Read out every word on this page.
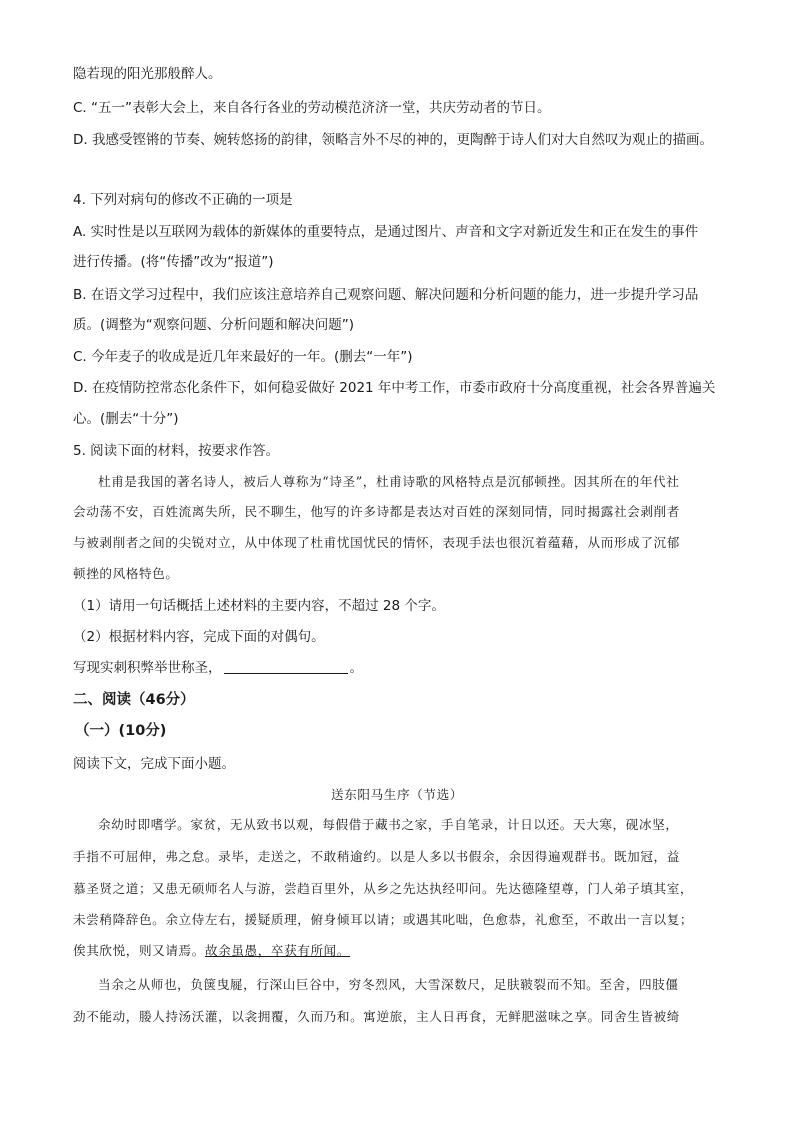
隐若现的阳光那般醉人。

C. “五一”表彰大会上，来自各行各业的劳动模范济济一堂，共庆劳动者的节日。

D. 我感受铿锵的节奏、婉转悠扬的韵律，领略言外不尽的神的，更陶醉于诗人们对大自然叹为观止的描画。

4. 下列对病句的修改不正确的一项是

A. 实时性是以互联网为载体的新媒体的重要特点，是通过图片、声音和文字对新近发生和正在发生的事件

进行传播。(将“传播”改为“报道”)

B. 在语文学习过程中，我们应该注意培养自己观察问题、解决问题和分析问题的能力，进一步提升学习品

质。(调整为“观察问题、分析问题和解决问题”)

C. 今年麦子的收成是近几年来最好的一年。(删去“一年”)

D. 在疫情防控常态化条件下，如何稳妥做好 2021 年中考工作，市委市政府十分高度重视，社会各界普遍关

心。(删去“十分”)

5. 阅读下面的材料，按要求作答。

杜甫是我国的著名诗人，被后人尊称为“诗圣”，杜甫诗歌的风格特点是沉郁顿挫。因其所在的年代社

会动荡不安，百姓流离失所，民不聊生，他写的许多诗都是表达对百姓的深刻同情，同时揭露社会剥削者

与被剥削者之间的尖锐对立，从中体现了杜甫忧国忧民的情怀，表现手法也很沉着蕴藉，从而形成了沉郁

顿挫的风格特色。

（1）请用一句话概括上述材料的主要内容，不超过 28 个字。

（2）根据材料内容，完成下面的对偶句。

写现实刺积弊举世称圣，	。

二、阅读（46分）

（一）(10分)

阅读下文，完成下面小题。

送东阳马生序（节选）

余幼时即嗜学。家贫，无从致书以观，每假借于藏书之家，手自笔录，计日以还。天大寒，砚冰坚，

手指不可屈伸，弗之怠。录毕，走送之，不敢稍逾约。以是人多以书假余，余因得遍观群书。既加冠，益

慕圣贤之道；又患无硕师名人与游，尝趋百里外，从乡之先达执经叩问。先达德隆望尊，门人弟子填其室，

未尝稍降辞色。余立侍左右，援疑质理，俯身倾耳以请；或遇其叱咄，色愈恭，礼愈至，不敢出一言以复；

俟其欣悦，则又请焉。故余虽愚，卒获有所闻。

当余之从师也，负箧曳屣，行深山巨谷中，穷冬烈风，大雪深数尺，足肤皲裂而不知。至舍，四肢僵

劲不能动，媵人持汤沃灌，以衾拥覆，久而乃和。寓逆旅，主人日再食，无鲜肥滋味之享。同舍生皆被绮
